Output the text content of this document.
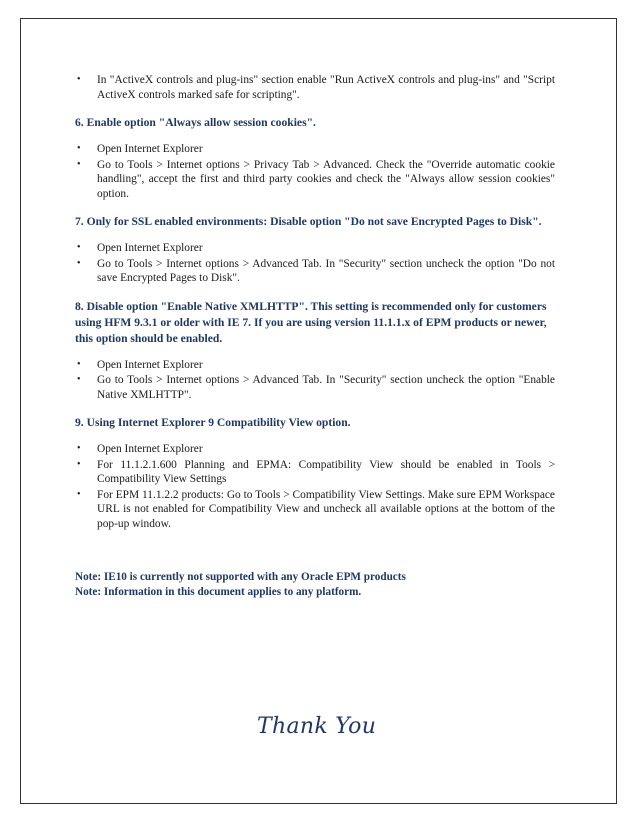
• In "ActiveX controls and plug-ins" section enable "Run ActiveX controls and plug-ins" and "Script ActiveX controls marked safe for scripting".

6. Enable option "Always allow session cookies".

• Open Internet Explorer
• Go to Tools > Internet options > Privacy Tab > Advanced. Check the "Override automatic cookie handling", accept the first and third party cookies and check the "Always allow session cookies" option.

7. Only for SSL enabled environments: Disable option "Do not save Encrypted Pages to Disk".

• Open Internet Explorer
• Go to Tools > Internet options > Advanced Tab. In "Security" section uncheck the option "Do not save Encrypted Pages to Disk".

8. Disable option "Enable Native XMLHTTP". This setting is recommended only for customers using HFM 9.3.1 or older with IE 7. If you are using version 11.1.1.x of EPM products or newer, this option should be enabled.

• Open Internet Explorer
• Go to Tools > Internet options > Advanced Tab. In "Security" section uncheck the option "Enable Native XMLHTTP".

9. Using Internet Explorer 9 Compatibility View option.

• Open Internet Explorer
• For 11.1.2.1.600 Planning and EPMA: Compatibility View should be enabled in Tools > Compatibility View Settings
• For EPM 11.1.2.2 products: Go to Tools > Compatibility View Settings. Make sure EPM Workspace URL is not enabled for Compatibility View and uncheck all available options at the bottom of the pop-up window.

Note: IE10 is currently not supported with any Oracle EPM products

Note: Information in this document applies to any platform.

Thank You
